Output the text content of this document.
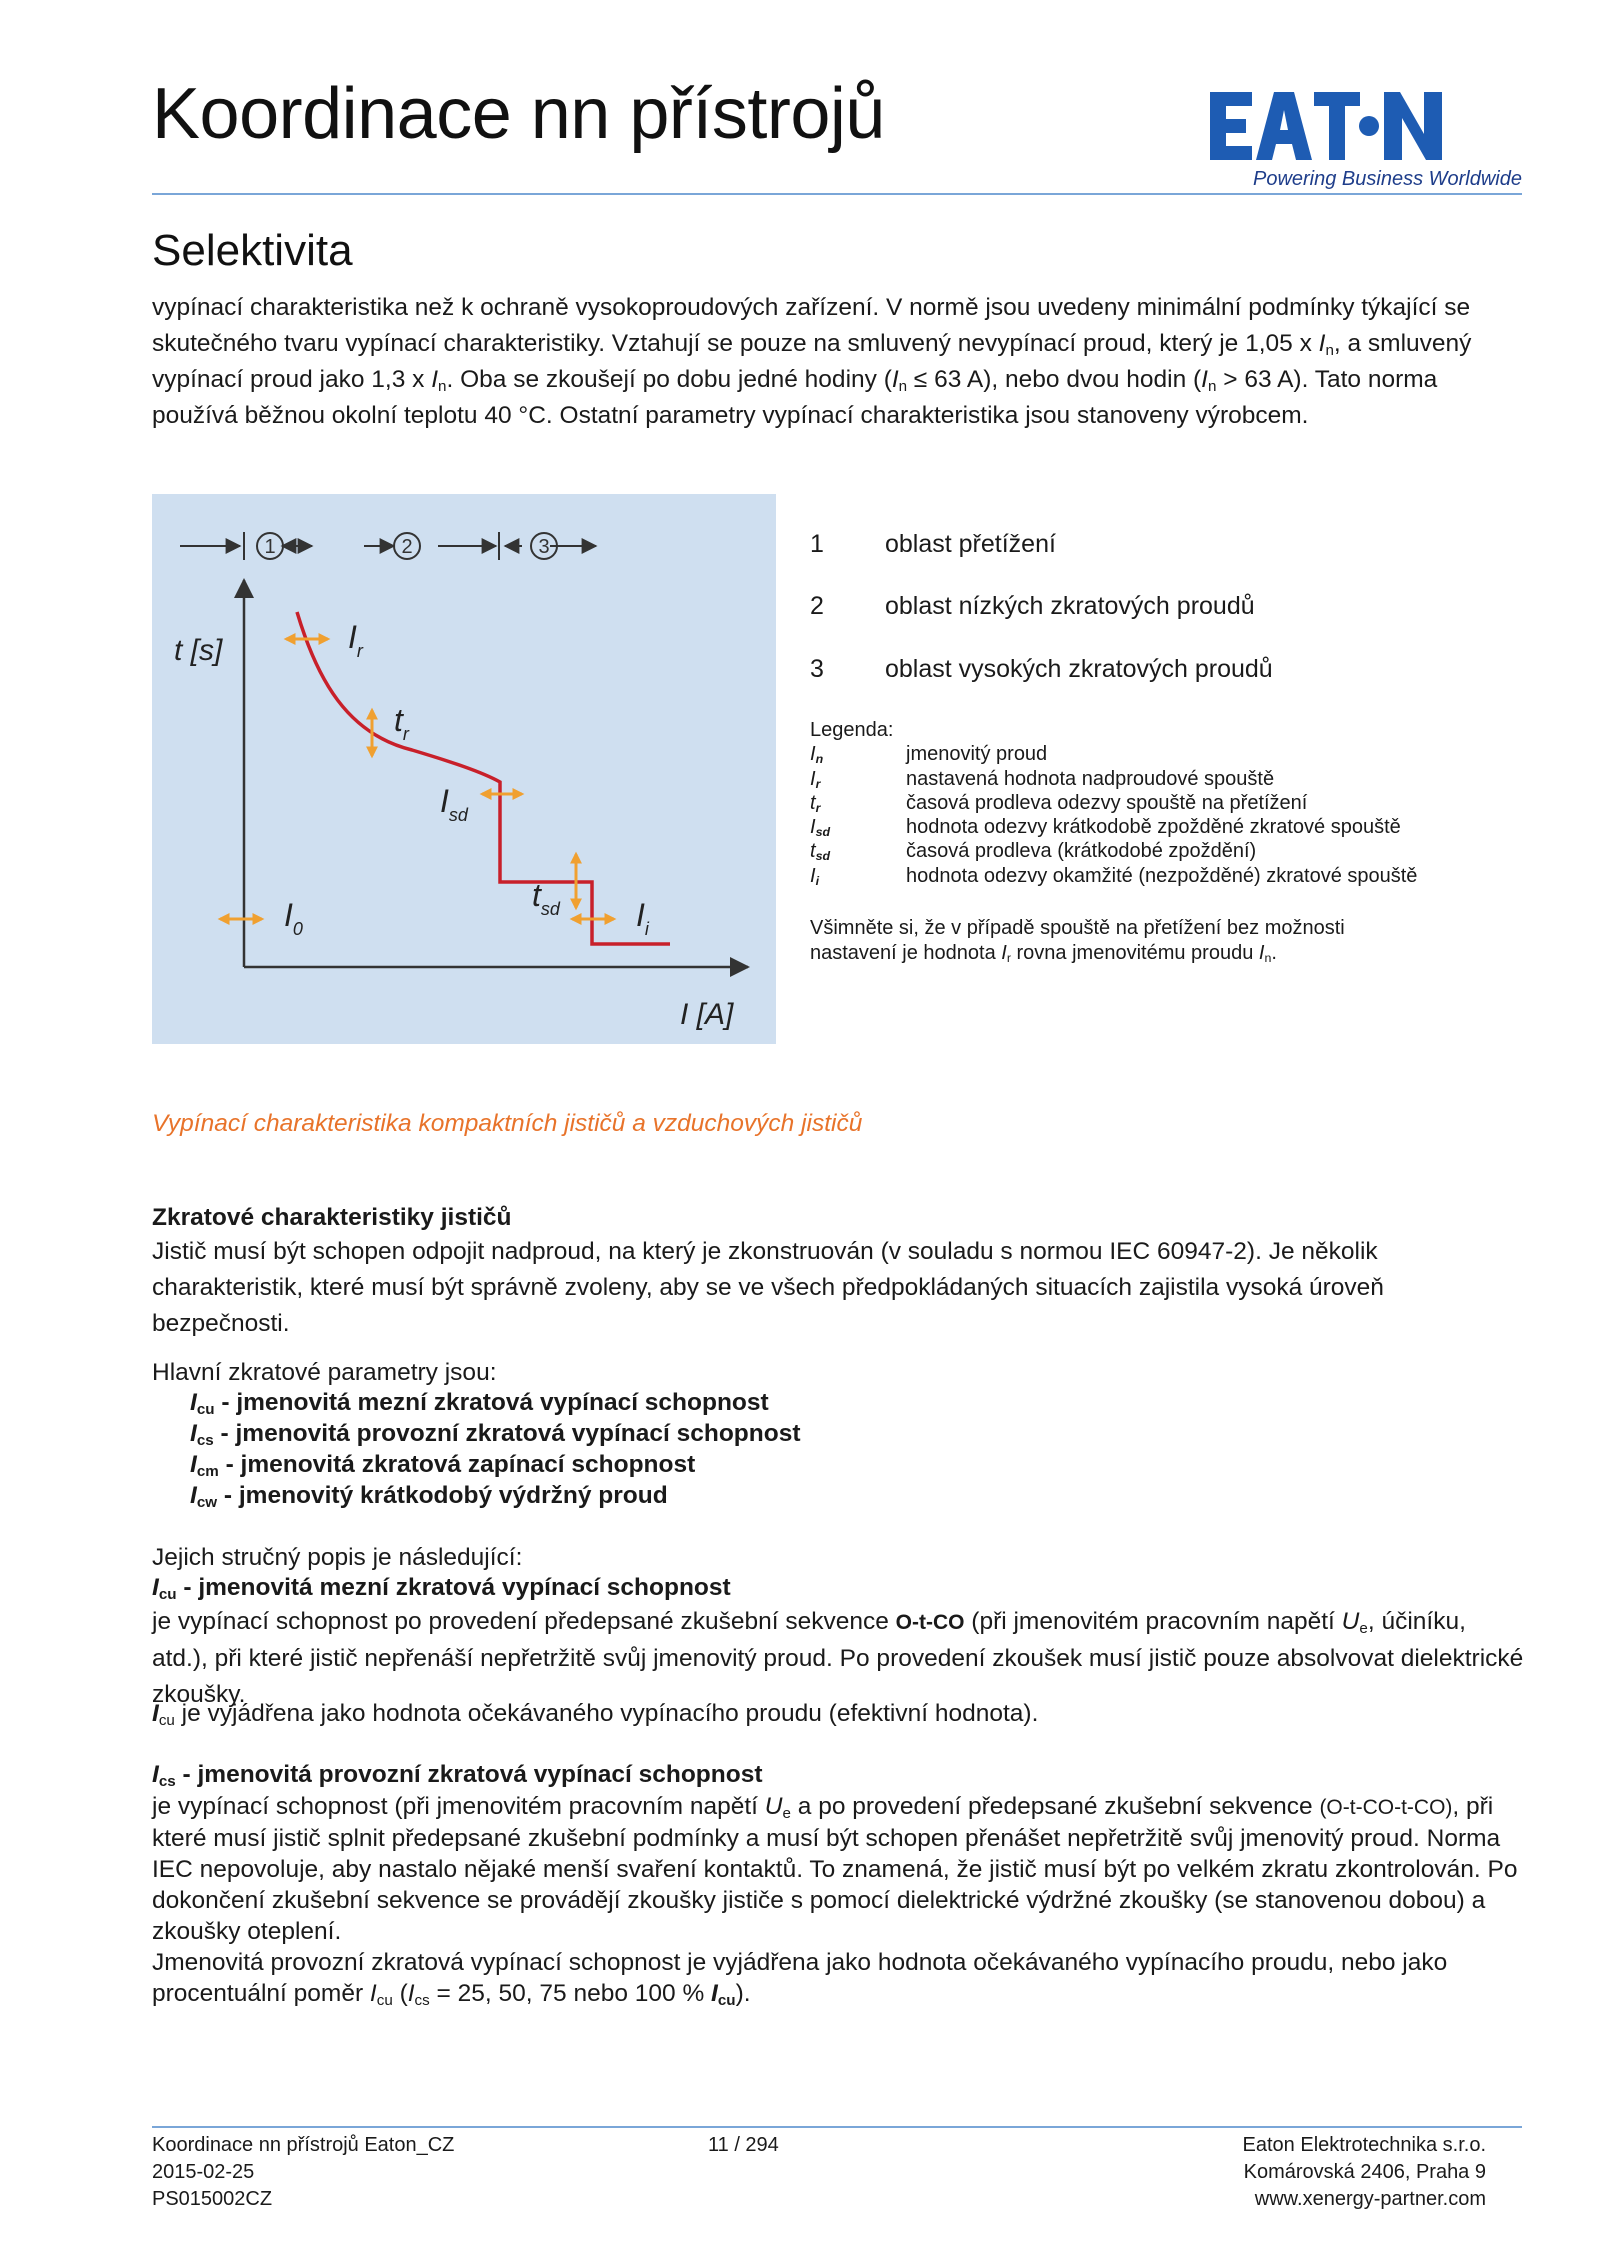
Koordinace nn přístrojů
Powering Business Worldwide
Selektivita
vypínací charakteristika než k ochraně vysokoproudových zařízení. V normě jsou uvedeny minimální podmínky týkající se skutečného tvaru vypínací charakteristiky. Vztahují se pouze na smluvený nevypínací proud, který je 1,05 x $I_n$, a smluvený vypínací proud jako 1,3 x $I_n$. Oba se zkoušejí po dobu jedné hodiny ($I_n \le 63$ A), nebo dvou hodin ($I_n > 63$ A). Tato norma používá běžnou okolní teplotu 40 °C. Ostatní parametry vypínací charakteristika jsou stanoveny výrobcem.
1	2	3
t [s]
I [A]
$I_r$
$t_r$
$I_{sd}$
$t_{sd}$ $I_i$
$I_0$
1 oblast přetížení
2 oblast nízkých zkratových proudů
3 oblast vysokých zkratových proudů
Legenda:
$I_n$	jmenovitý proud
$I_r$	nastavená hodnota nadproudové spouště
$t_r$	časová prodleva odezvy spouště na přetížení
$I_{sd}$	hodnota odezvy krátkodobě zpožděné zkratové spouště
$t_{sd}$	časová prodleva (krátkodobé zpoždění)
$I_i$	hodnota odezvy okamžité (nezpožděné) zkratové spouště
Všimněte si, že v případě spouště na přetížení bez možnosti
nastavení je hodnota $I_r$ rovna jmenovitému proudu $I_n$.
Vypínací charakteristika kompaktních jističů a vzduchových jističů
Zkratové charakteristiky jističů
Jistič musí být schopen odpojit nadproud, na který je zkonstruován (v souladu s normou IEC 60947-2). Je několik charakteristik, které musí být správně zvoleny, aby se ve všech předpokládaných situacích zajistila vysoká úroveň bezpečnosti.
Hlavní zkratové parametry jsou:
$I_{cu}$ - jmenovitá mezní zkratová vypínací schopnost
$I_{cs}$ - jmenovitá provozní zkratová vypínací schopnost
$I_{cm}$ - jmenovitá zkratová zapínací schopnost
$I_{cw}$ - jmenovitý krátkodobý výdržný proud
Jejich stručný popis je následující:
$I_{cu}$ - jmenovitá mezní zkratová vypínací schopnost
je vypínací schopnost po provedení předepsané zkušební sekvence O-t-CO (při jmenovitém pracovním napětí $U_e$, účiníku, atd.), při které jistič nepřenáší nepřetržitě svůj jmenovitý proud. Po provedení zkoušek musí jistič pouze absolvovat dielektrické zkoušky.
$I_{cu}$ je vyjádřena jako hodnota očekávaného vypínacího proudu (efektivní hodnota).
$I_{cs}$ - jmenovitá provozní zkratová vypínací schopnost
je vypínací schopnost (při jmenovitém pracovním napětí $U_e$ a po provedení předepsané zkušební sekvence (O-t-CO-t-CO), při které musí jistič splnit předepsané zkušební podmínky a musí být schopen přenášet nepřetržitě svůj jmenovitý proud. Norma IEC nepovoluje, aby nastalo nějaké menší svaření kontaktů. To znamená, že jistič musí být po velkém zkratu zkontrolován. Po dokončení zkušební sekvence se provádějí zkoušky jističe s pomocí dielektrické výdržné zkoušky (se stanovenou dobou) a zkoušky oteplení.
Jmenovitá provozní zkratová vypínací schopnost je vyjádřena jako hodnota očekávaného vypínacího proudu, nebo jako procentuální poměr $I_{cu}$ ($I_{cs} = 25$, 50, 75 nebo 100 % $I_{cu}$).
Koordinace nn přístrojů Eaton_CZ
2015-02-25
PS015002CZ
11 / 294	Eaton Elektrotechnika s.r.o.
Komárovská 2406, Praha 9
www.xenergy-partner.com
